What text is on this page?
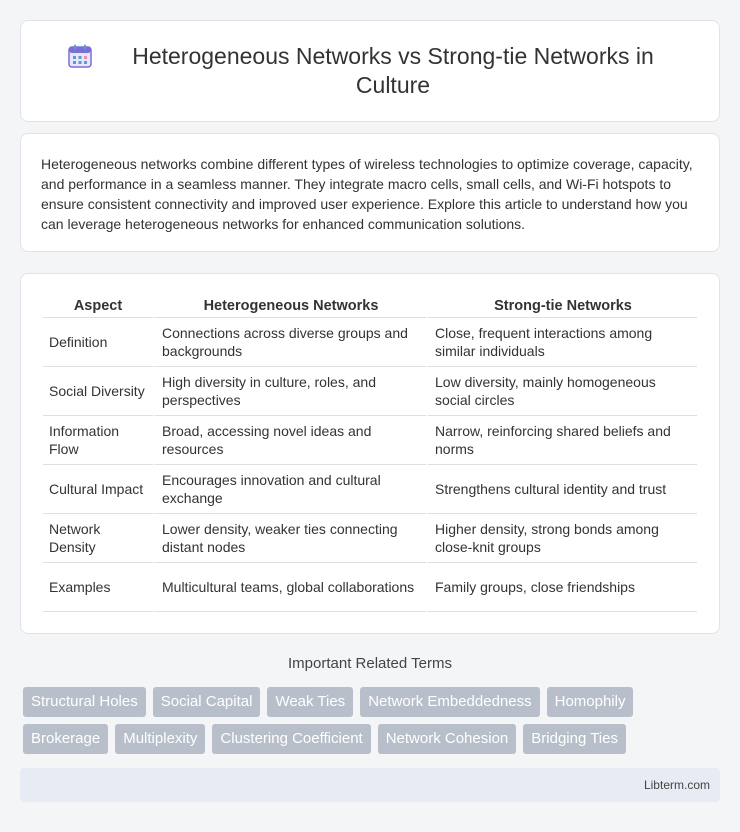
Heterogeneous Networks vs Strong-tie Networks in Culture

Heterogeneous networks combine different types of wireless technologies to optimize coverage, capacity, and performance in a seamless manner. They integrate macro cells, small cells, and Wi-Fi hotspots to ensure consistent connectivity and improved user experience. Explore this article to understand how you can leverage heterogeneous networks for enhanced communication solutions.

Aspect	Heterogeneous Networks	Strong-tie Networks
Definition	Connections across diverse groups and backgrounds	Close, frequent interactions among similar individuals
Social Diversity	High diversity in culture, roles, and perspectives	Low diversity, mainly homogeneous social circles
Information Flow	Broad, accessing novel ideas and resources	Narrow, reinforcing shared beliefs and norms
Cultural Impact	Encourages innovation and cultural exchange	Strengthens cultural identity and trust
Network Density	Lower density, weaker ties connecting distant nodes	Higher density, strong bonds among close-knit groups
Examples	Multicultural teams, global collaborations	Family groups, close friendships
Important Related Terms
Structural Holes	Social Capital	Weak Ties	Network Embeddedness	Homophily
Brokerage	Multiplexity	Clustering Coefficient	Network Cohesion	Bridging Ties
Libterm.com
